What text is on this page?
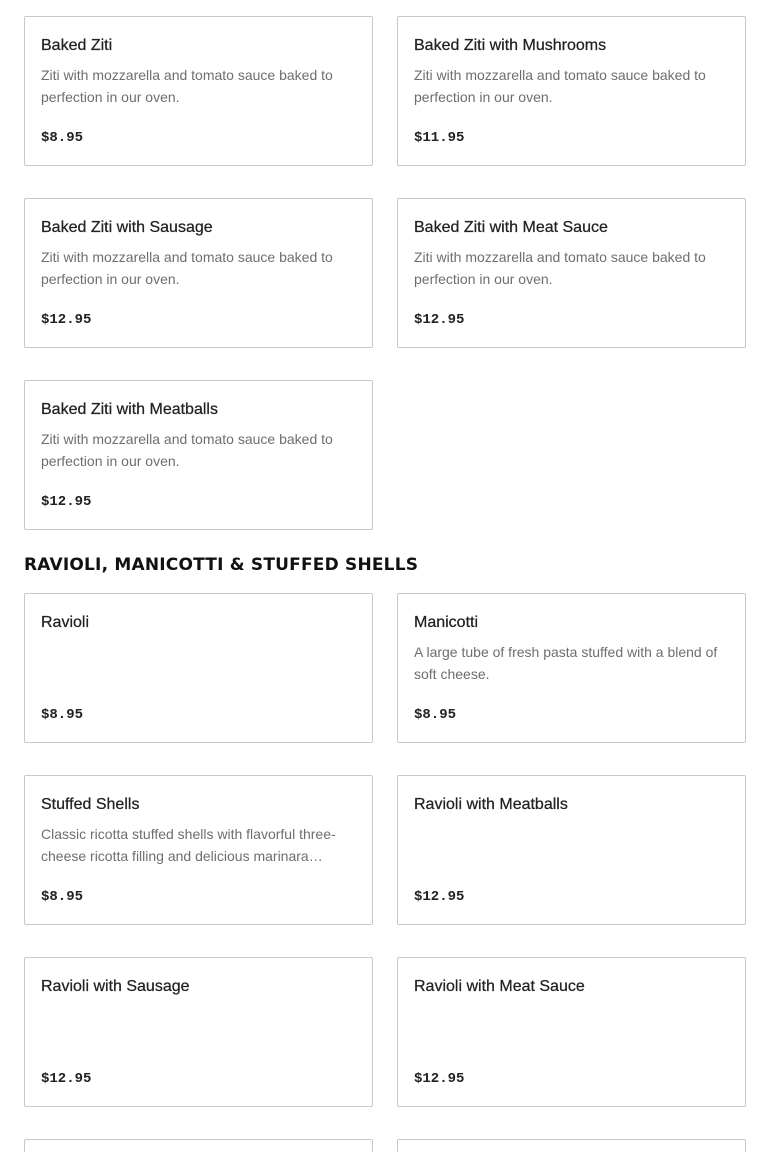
Baked Ziti
Ziti with mozzarella and tomato sauce baked to perfection in our oven.
$8.95
Baked Ziti with Mushrooms
Ziti with mozzarella and tomato sauce baked to perfection in our oven.
$11.95
Baked Ziti with Sausage
Ziti with mozzarella and tomato sauce baked to perfection in our oven.
$12.95
Baked Ziti with Meat Sauce
Ziti with mozzarella and tomato sauce baked to perfection in our oven.
$12.95
Baked Ziti with Meatballs
Ziti with mozzarella and tomato sauce baked to perfection in our oven.
$12.95
RAVIOLI, MANICOTTI & STUFFED SHELLS
Ravioli
$8.95
Manicotti
A large tube of fresh pasta stuffed with a blend of soft cheese.
$8.95
Stuffed Shells
Classic ricotta stuffed shells with flavorful three-cheese ricotta filling and delicious marinara…
$8.95
Ravioli with Meatballs
$12.95
Ravioli with Sausage
$12.95
Ravioli with Meat Sauce
$12.95
